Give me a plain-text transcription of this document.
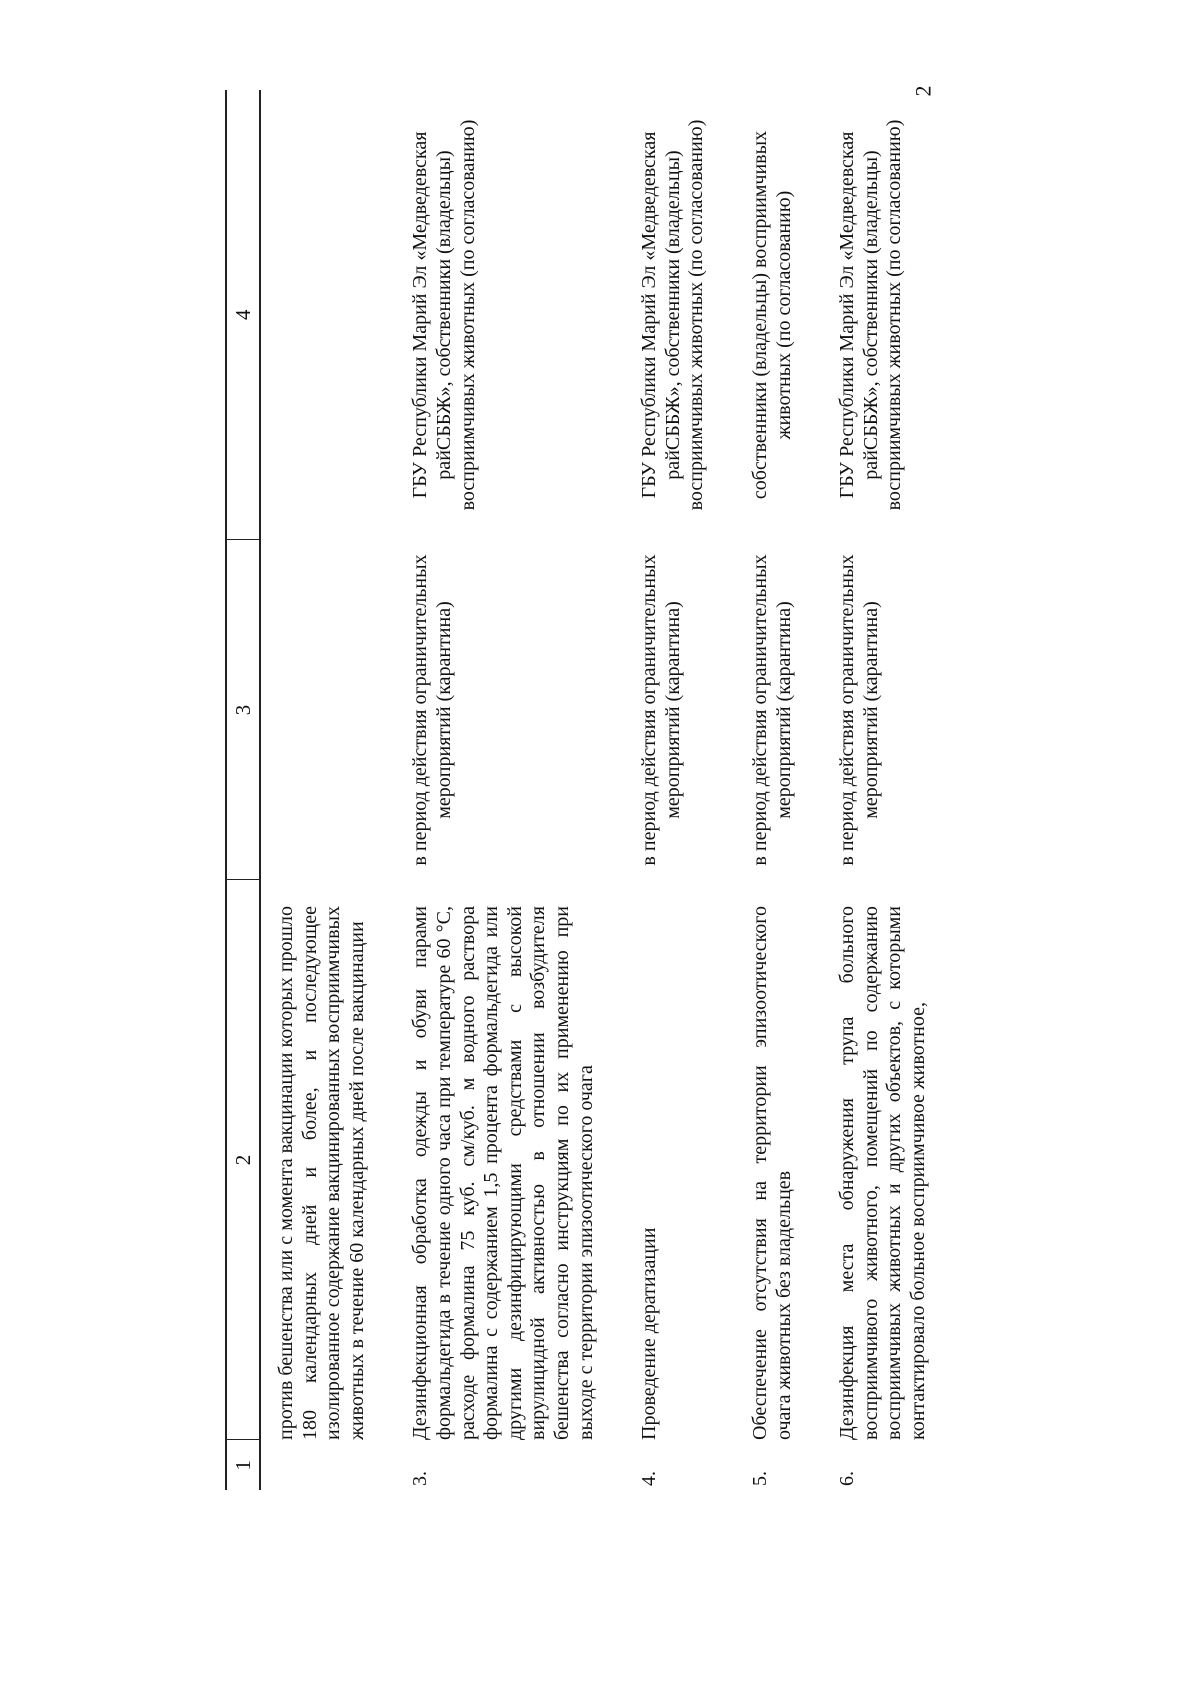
2
1	2	3	4
	против бешенства или с момента вакцинации которых прошло 180 календарных дней и более, и последующее изолированное содержание вакцинированных восприимчивых животных в течение 60 календарных дней после вакцинации		

3.	Дезинфекционная обработка одежды и обуви парами формальдегида в течение одного часа при температуре 60 °С, расходе формалина 75 куб. см/куб. м водного раствора формалина с содержанием 1,5 процента формальдегида или другими дезинфицирующими средствами с высокой вирулицидной активностью в отношении возбудителя бешенства согласно инструкциям по их применению при выходе с территории эпизоотического очага	в период действия ограничительных мероприятий (карантина)	ГБУ Республики Марий Эл «Медведевская райСББЖ», собственники (владельцы) восприимчивых животных (по согласованию)

4.	Проведение дератизации	в период действия ограничительных мероприятий (карантина)	ГБУ Республики Марий Эл «Медведевская райСББЖ», собственники (владельцы) восприимчивых животных (по согласованию)

5.	Обеспечение отсутствия на территории эпизоотического очага животных без владельцев	в период действия ограничительных мероприятий (карантина)	собственники (владельцы) восприимчивых животных (по согласованию)

6.	Дезинфекция места обнаружения трупа больного восприимчивого животного, помещений по содержанию восприимчивых животных и других объектов, с которыми контактировало больное восприимчивое животное,	в период действия ограничительных мероприятий (карантина)	ГБУ Республики Марий Эл «Медведевская райСББЖ», собственники (владельцы) восприимчивых животных (по согласованию)
